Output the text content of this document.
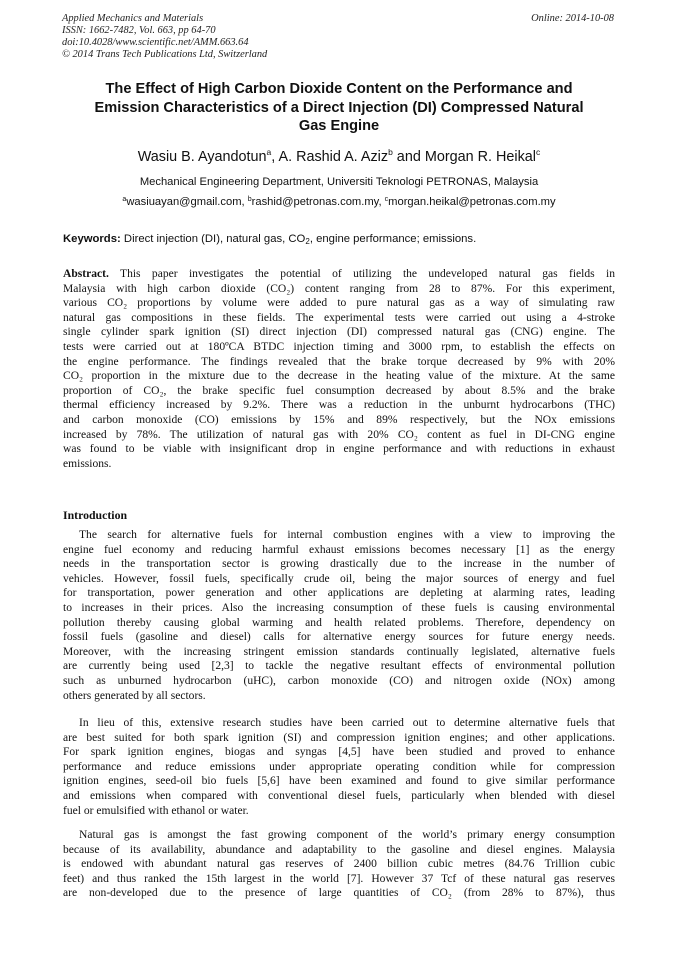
Applied Mechanics and Materials
ISSN: 1662-7482, Vol. 663, pp 64-70
doi:10.4028/www.scientific.net/AMM.663.64
© 2014 Trans Tech Publications Ltd, Switzerland
Online: 2014-10-08
The Effect of High Carbon Dioxide Content on the Performance and
Emission Characteristics of a Direct Injection (DI) Compressed Natural
Gas Engine
Wasiu B. Ayandotun$^a$, A. Rashid A. Aziz$^b$ and Morgan R. Heikal$^c$
Mechanical Engineering Department, Universiti Teknologi PETRONAS, Malaysia
$^a$wasiuayan@gmail.com, $^b$rashid@petronas.com.my, $^c$morgan.heikal@petronas.com.my
Keywords: Direct injection (DI), natural gas, $CO_2$, engine performance; emissions.
Abstract. This paper investigates the potential of utilizing the undeveloped natural gas fields in
Malaysia with high carbon dioxide (CO₂) content ranging from 28 to 87%. For this experiment,
various CO₂ proportions by volume were added to pure natural gas as a way of simulating raw
natural gas compositions in these fields. The experimental tests were carried out using a 4-stroke
single cylinder spark ignition (SI) direct injection (DI) compressed natural gas (CNG) engine. The
tests were carried out at 180ºCA BTDC injection timing and 3000 rpm, to establish the effects on
the engine performance. The findings revealed that the brake torque decreased by 9% with 20%
CO₂ proportion in the mixture due to the decrease in the heating value of the mixture. At the same
proportion of CO₂, the brake specific fuel consumption decreased by about 8.5% and the brake
thermal efficiency increased by 9.2%. There was a reduction in the unburnt hydrocarbons (THC)
and carbon monoxide (CO) emissions by 15% and 89% respectively, but the NOx emissions
increased by 78%. The utilization of natural gas with 20% CO₂ content as fuel in DI-CNG engine
was found to be viable with insignificant drop in engine performance and with reductions in exhaust
emissions.
Introduction
The search for alternative fuels for internal combustion engines with a view to improving the
engine fuel economy and reducing harmful exhaust emissions becomes necessary [1] as the energy
needs in the transportation sector is growing drastically due to the increase in the number of
vehicles. However, fossil fuels, specifically crude oil, being the major sources of energy and fuel
for transportation, power generation and other applications are depleting at alarming rates, leading
to increases in their prices. Also the increasing consumption of these fuels is causing environmental
pollution thereby causing global warming and health related problems. Therefore, dependency on
fossil fuels (gasoline and diesel) calls for alternative energy sources for future energy needs.
Moreover, with the increasing stringent emission standards continually legislated, alternative fuels
are currently being used [2,3] to tackle the negative resultant effects of environmental pollution
such as unburned hydrocarbon (uHC), carbon monoxide (CO) and nitrogen oxide (NOx) among
others generated by all sectors.
In lieu of this, extensive research studies have been carried out to determine alternative fuels that
are best suited for both spark ignition (SI) and compression ignition engines; and other applications.
For spark ignition engines, biogas and syngas [4,5] have been studied and proved to enhance
performance and reduce emissions under appropriate operating condition while for compression
ignition engines, seed-oil bio fuels [5,6] have been examined and found to give similar performance
and emissions when compared with conventional diesel fuels, particularly when blended with diesel
fuel or emulsified with ethanol or water.
Natural gas is amongst the fast growing component of the world’s primary energy consumption
because of its availability, abundance and adaptability to the gasoline and diesel engines. Malaysia
is endowed with abundant natural gas reserves of 2400 billion cubic metres (84.76 Trillion cubic
feet) and thus ranked the 15th largest in the world [7]. However 37 Tcf of these natural gas reserves
are non-developed due to the presence of large quantities of CO₂ (from 28% to 87%), thus
